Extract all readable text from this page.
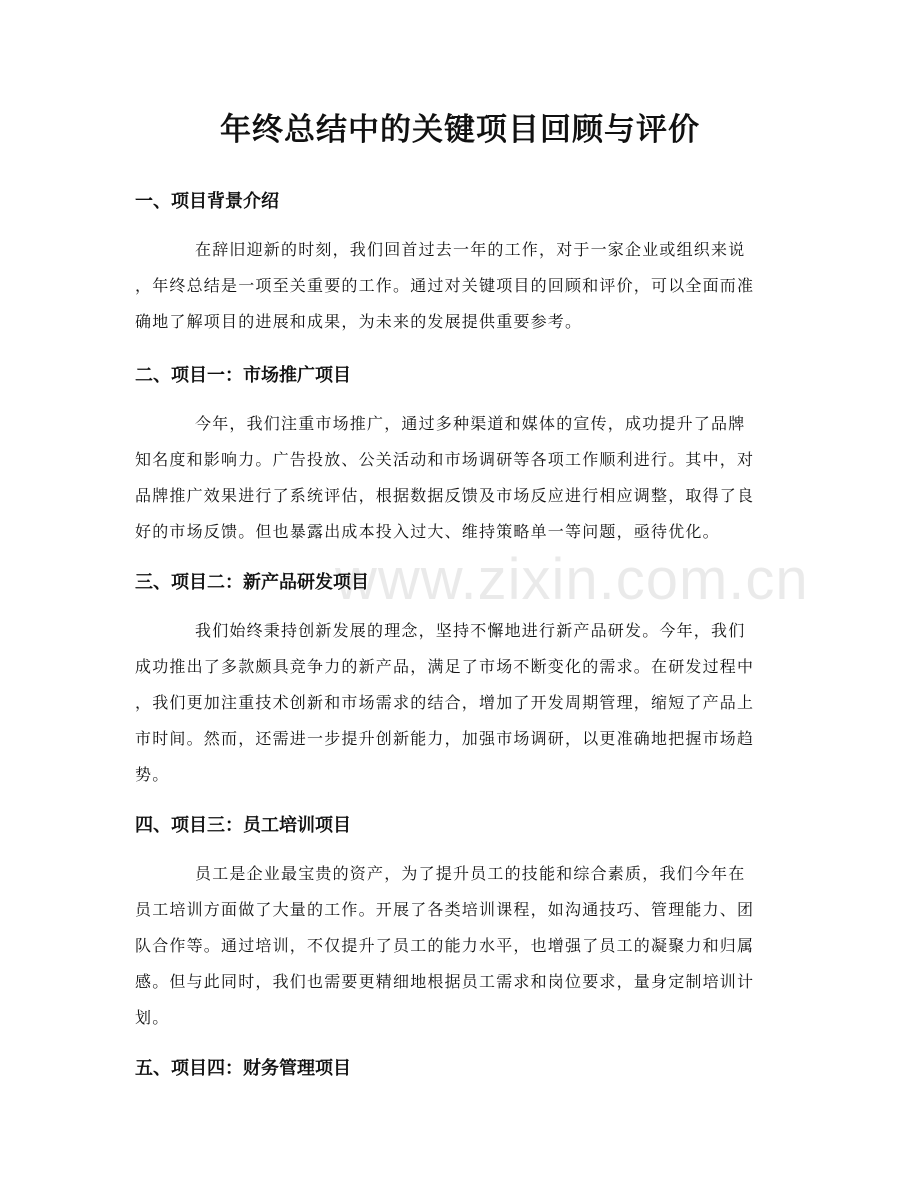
年终总结中的关键项目回顾与评价
一、项目背景介绍
在辞旧迎新的时刻，我们回首过去一年的工作，对于一家企业或组织来说
，年终总结是一项至关重要的工作。通过对关键项目的回顾和评价，可以全面而准
确地了解项目的进展和成果，为未来的发展提供重要参考。
二、项目一：市场推广项目
今年，我们注重市场推广，通过多种渠道和媒体的宣传，成功提升了品牌
知名度和影响力。广告投放、公关活动和市场调研等各项工作顺利进行。其中，对
品牌推广效果进行了系统评估，根据数据反馈及市场反应进行相应调整，取得了良
好的市场反馈。但也暴露出成本投入过大、维持策略单一等问题，亟待优化。
三、项目二：新产品研发项目
我们始终秉持创新发展的理念，坚持不懈地进行新产品研发。今年，我们
成功推出了多款颇具竞争力的新产品，满足了市场不断变化的需求。在研发过程中
，我们更加注重技术创新和市场需求的结合，增加了开发周期管理，缩短了产品上
市时间。然而，还需进一步提升创新能力，加强市场调研，以更准确地把握市场趋
势。
四、项目三：员工培训项目
员工是企业最宝贵的资产，为了提升员工的技能和综合素质，我们今年在
员工培训方面做了大量的工作。开展了各类培训课程，如沟通技巧、管理能力、团
队合作等。通过培训，不仅提升了员工的能力水平，也增强了员工的凝聚力和归属
感。但与此同时，我们也需要更精细地根据员工需求和岗位要求，量身定制培训计
划。
五、项目四：财务管理项目
www.zixin.com.cn
